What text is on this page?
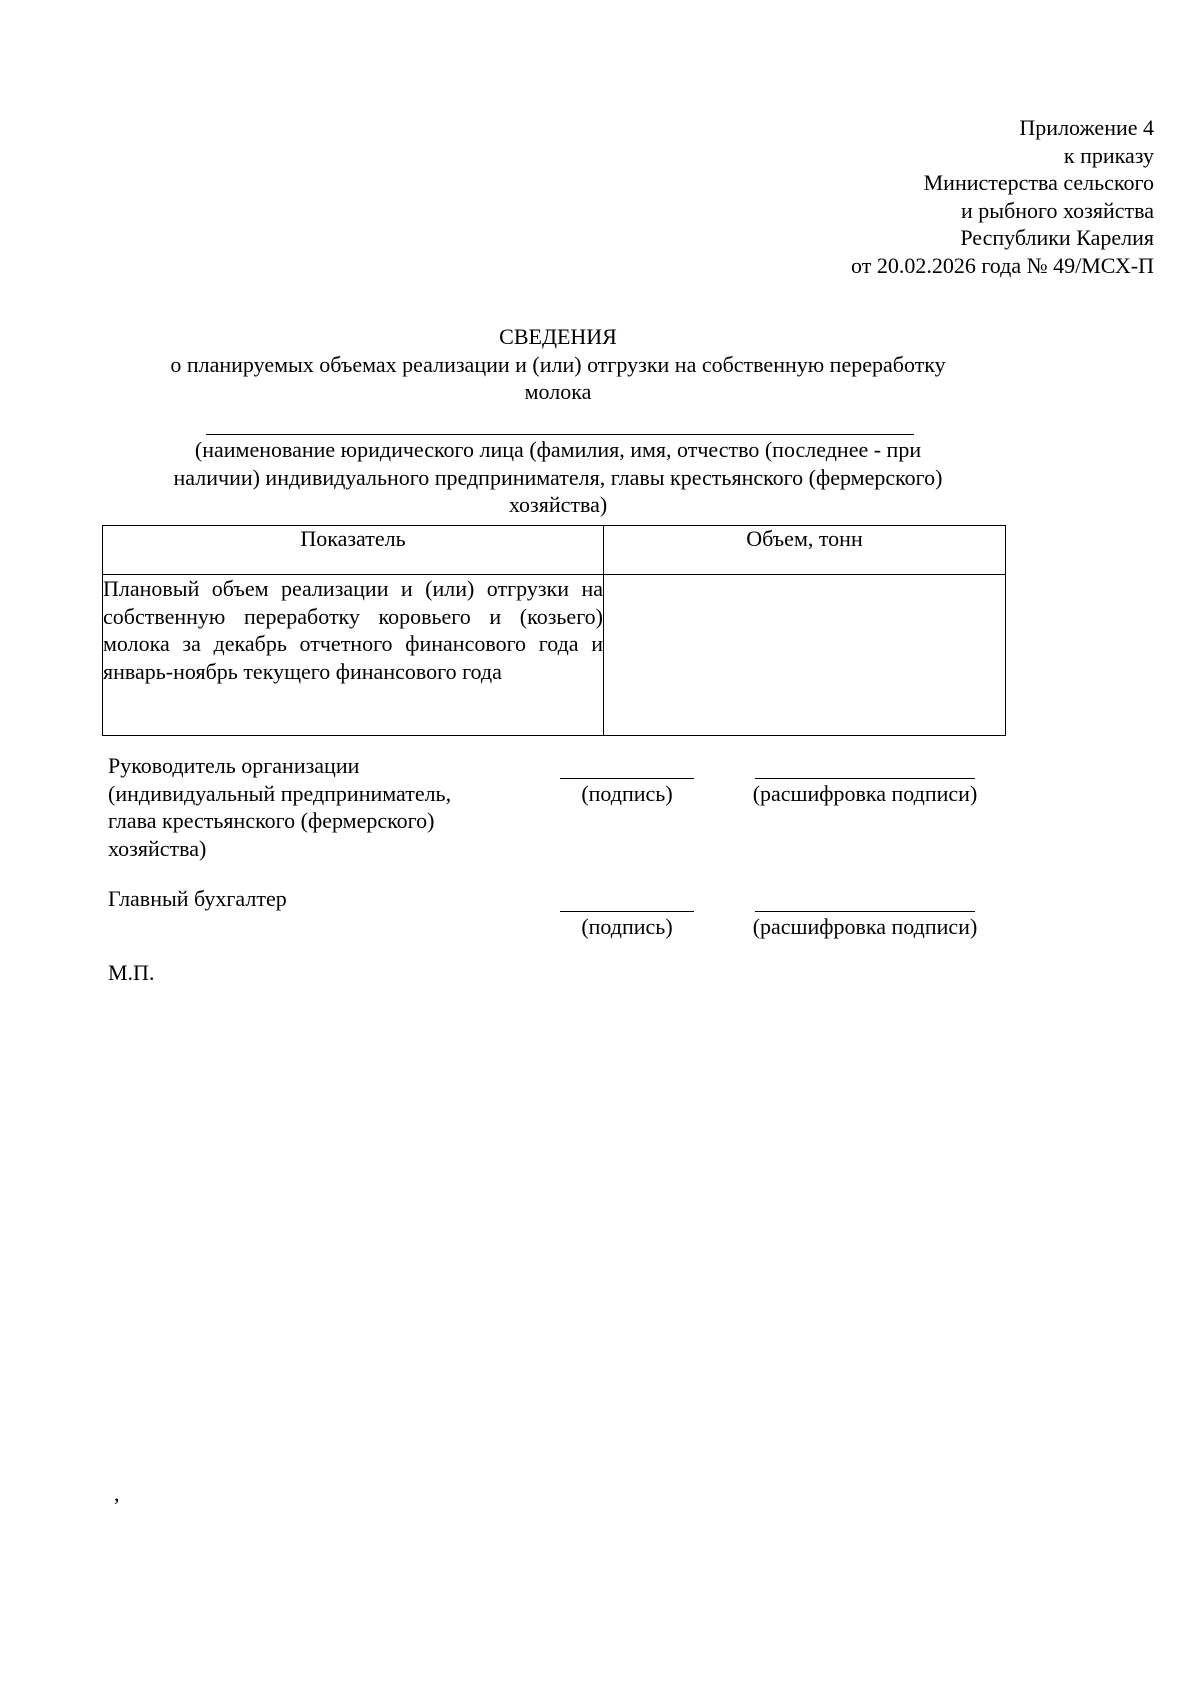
Приложение 4
к приказу
Министерства сельского
и рыбного хозяйства
Республики Карелия
от 20.02.2026 года № 49/МСХ-П
СВЕДЕНИЯ
о планируемых объемах реализации и (или) отгрузки на собственную переработку
молока
(наименование юридического лица (фамилия, имя, отчество (последнее - при
наличии) индивидуального предпринимателя, главы крестьянского (фермерского)
хозяйства)
Показатель	Объем, тонн
Плановый объем реализации и (или) отгрузки на собственную переработку коровьего и (козьего) молока за декабрь отчетного финансового года и январь-ноябрь текущего финансового года	
Руководитель организации
(индивидуальный предприниматель,
глава крестьянского (фермерского)
хозяйства)
(подпись)	(расшифровка подписи)
Главный бухгалтер
(подпись)	(расшифровка подписи)
М.П.
,
